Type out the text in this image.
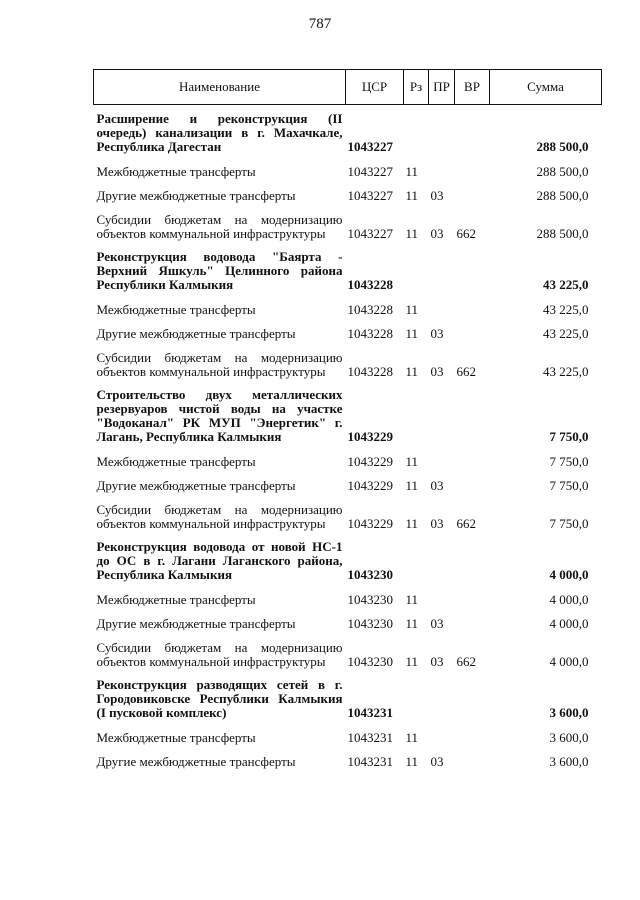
787
Наименование	ЦСР	Рз	ПР	ВР	Сумма
Расширение и реконструкция (II очередь) канализации в г. Махачкале, Республика Дагестан	1043227				288 500,0
Межбюджетные трансферты	1043227	11			288 500,0
Другие межбюджетные трансферты	1043227	11	03		288 500,0
Субсидии бюджетам на модернизацию объектов коммунальной инфраструктуры	1043227	11	03	662	288 500,0
Реконструкция водовода "Баярта - Верхний Яшкуль" Целинного района Республики Калмыкия	1043228				43 225,0
Межбюджетные трансферты	1043228	11			43 225,0
Другие межбюджетные трансферты	1043228	11	03		43 225,0
Субсидии бюджетам на модернизацию объектов коммунальной инфраструктуры	1043228	11	03	662	43 225,0
Строительство двух металлических резервуаров чистой воды на участке "Водоканал" РК МУП "Энергетик" г. Лагань, Республика Калмыкия	1043229				7 750,0
Межбюджетные трансферты	1043229	11			7 750,0
Другие межбюджетные трансферты	1043229	11	03		7 750,0
Субсидии бюджетам на модернизацию объектов коммунальной инфраструктуры	1043229	11	03	662	7 750,0
Реконструкция водовода от новой НС-1 до ОС в г. Лагани Лаганского района, Республика Калмыкия	1043230				4 000,0
Межбюджетные трансферты	1043230	11			4 000,0
Другие межбюджетные трансферты	1043230	11	03		4 000,0
Субсидии бюджетам на модернизацию объектов коммунальной инфраструктуры	1043230	11	03	662	4 000,0
Реконструкция разводящих сетей в г. Городовиковске Республики Калмыкия (I пусковой комплекс)	1043231				3 600,0
Межбюджетные трансферты	1043231	11			3 600,0
Другие межбюджетные трансферты	1043231	11	03		3 600,0
